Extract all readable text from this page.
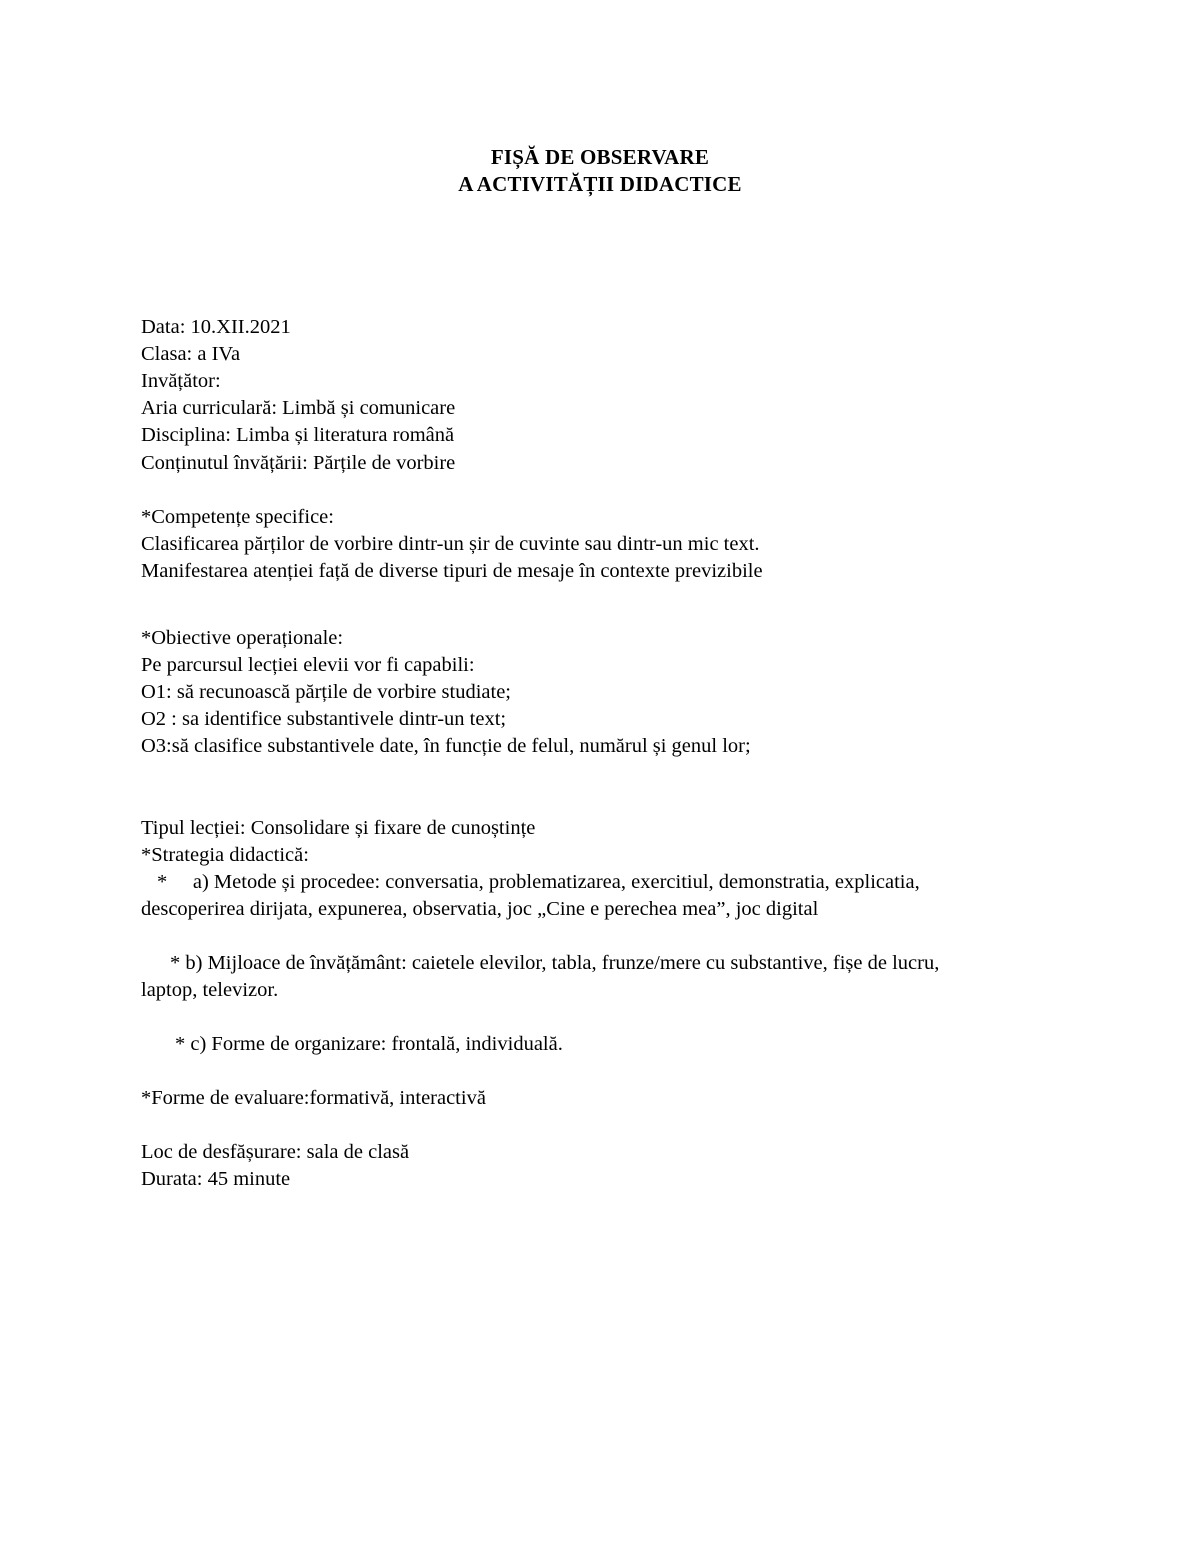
FIȘĂ DE OBSERVARE
A ACTIVITĂȚII DIDACTICE
Data: 10.XII.2021
Clasa: a IVa
Invățător:
Aria curriculară: Limbă și comunicare
Disciplina: Limba și literatura română
Conținutul învățării: Părțile de vorbire
*Competențe specifice:
Clasificarea părților de vorbire dintr-un șir de cuvinte sau dintr-un mic text.
Manifestarea atenției față de diverse tipuri de mesaje în contexte previzibile
*Obiective operaționale:
Pe parcursul lecției elevii vor fi capabili:
O1: să recunoască părțile de vorbire studiate;
O2 : sa identifice substantivele dintr-un text;
O3:să clasifice substantivele date, în funcție de felul, numărul și genul lor;
Tipul lecției: Consolidare și fixare de cunoștințe
*Strategia didactică:
*     a) Metode și procedee: conversatia, problematizarea, exercitiul, demonstratia, explicatia,
descoperirea dirijata, expunerea, observatia, joc „Cine e perechea mea”, joc digital
* b) Mijloace de învățământ: caietele elevilor, tabla, frunze/mere cu substantive, fișe de lucru,
laptop, televizor.
* c) Forme de organizare: frontală, individuală.
*Forme de evaluare:formativă, interactivă
Loc de desfășurare: sala de clasă
Durata: 45 minute
